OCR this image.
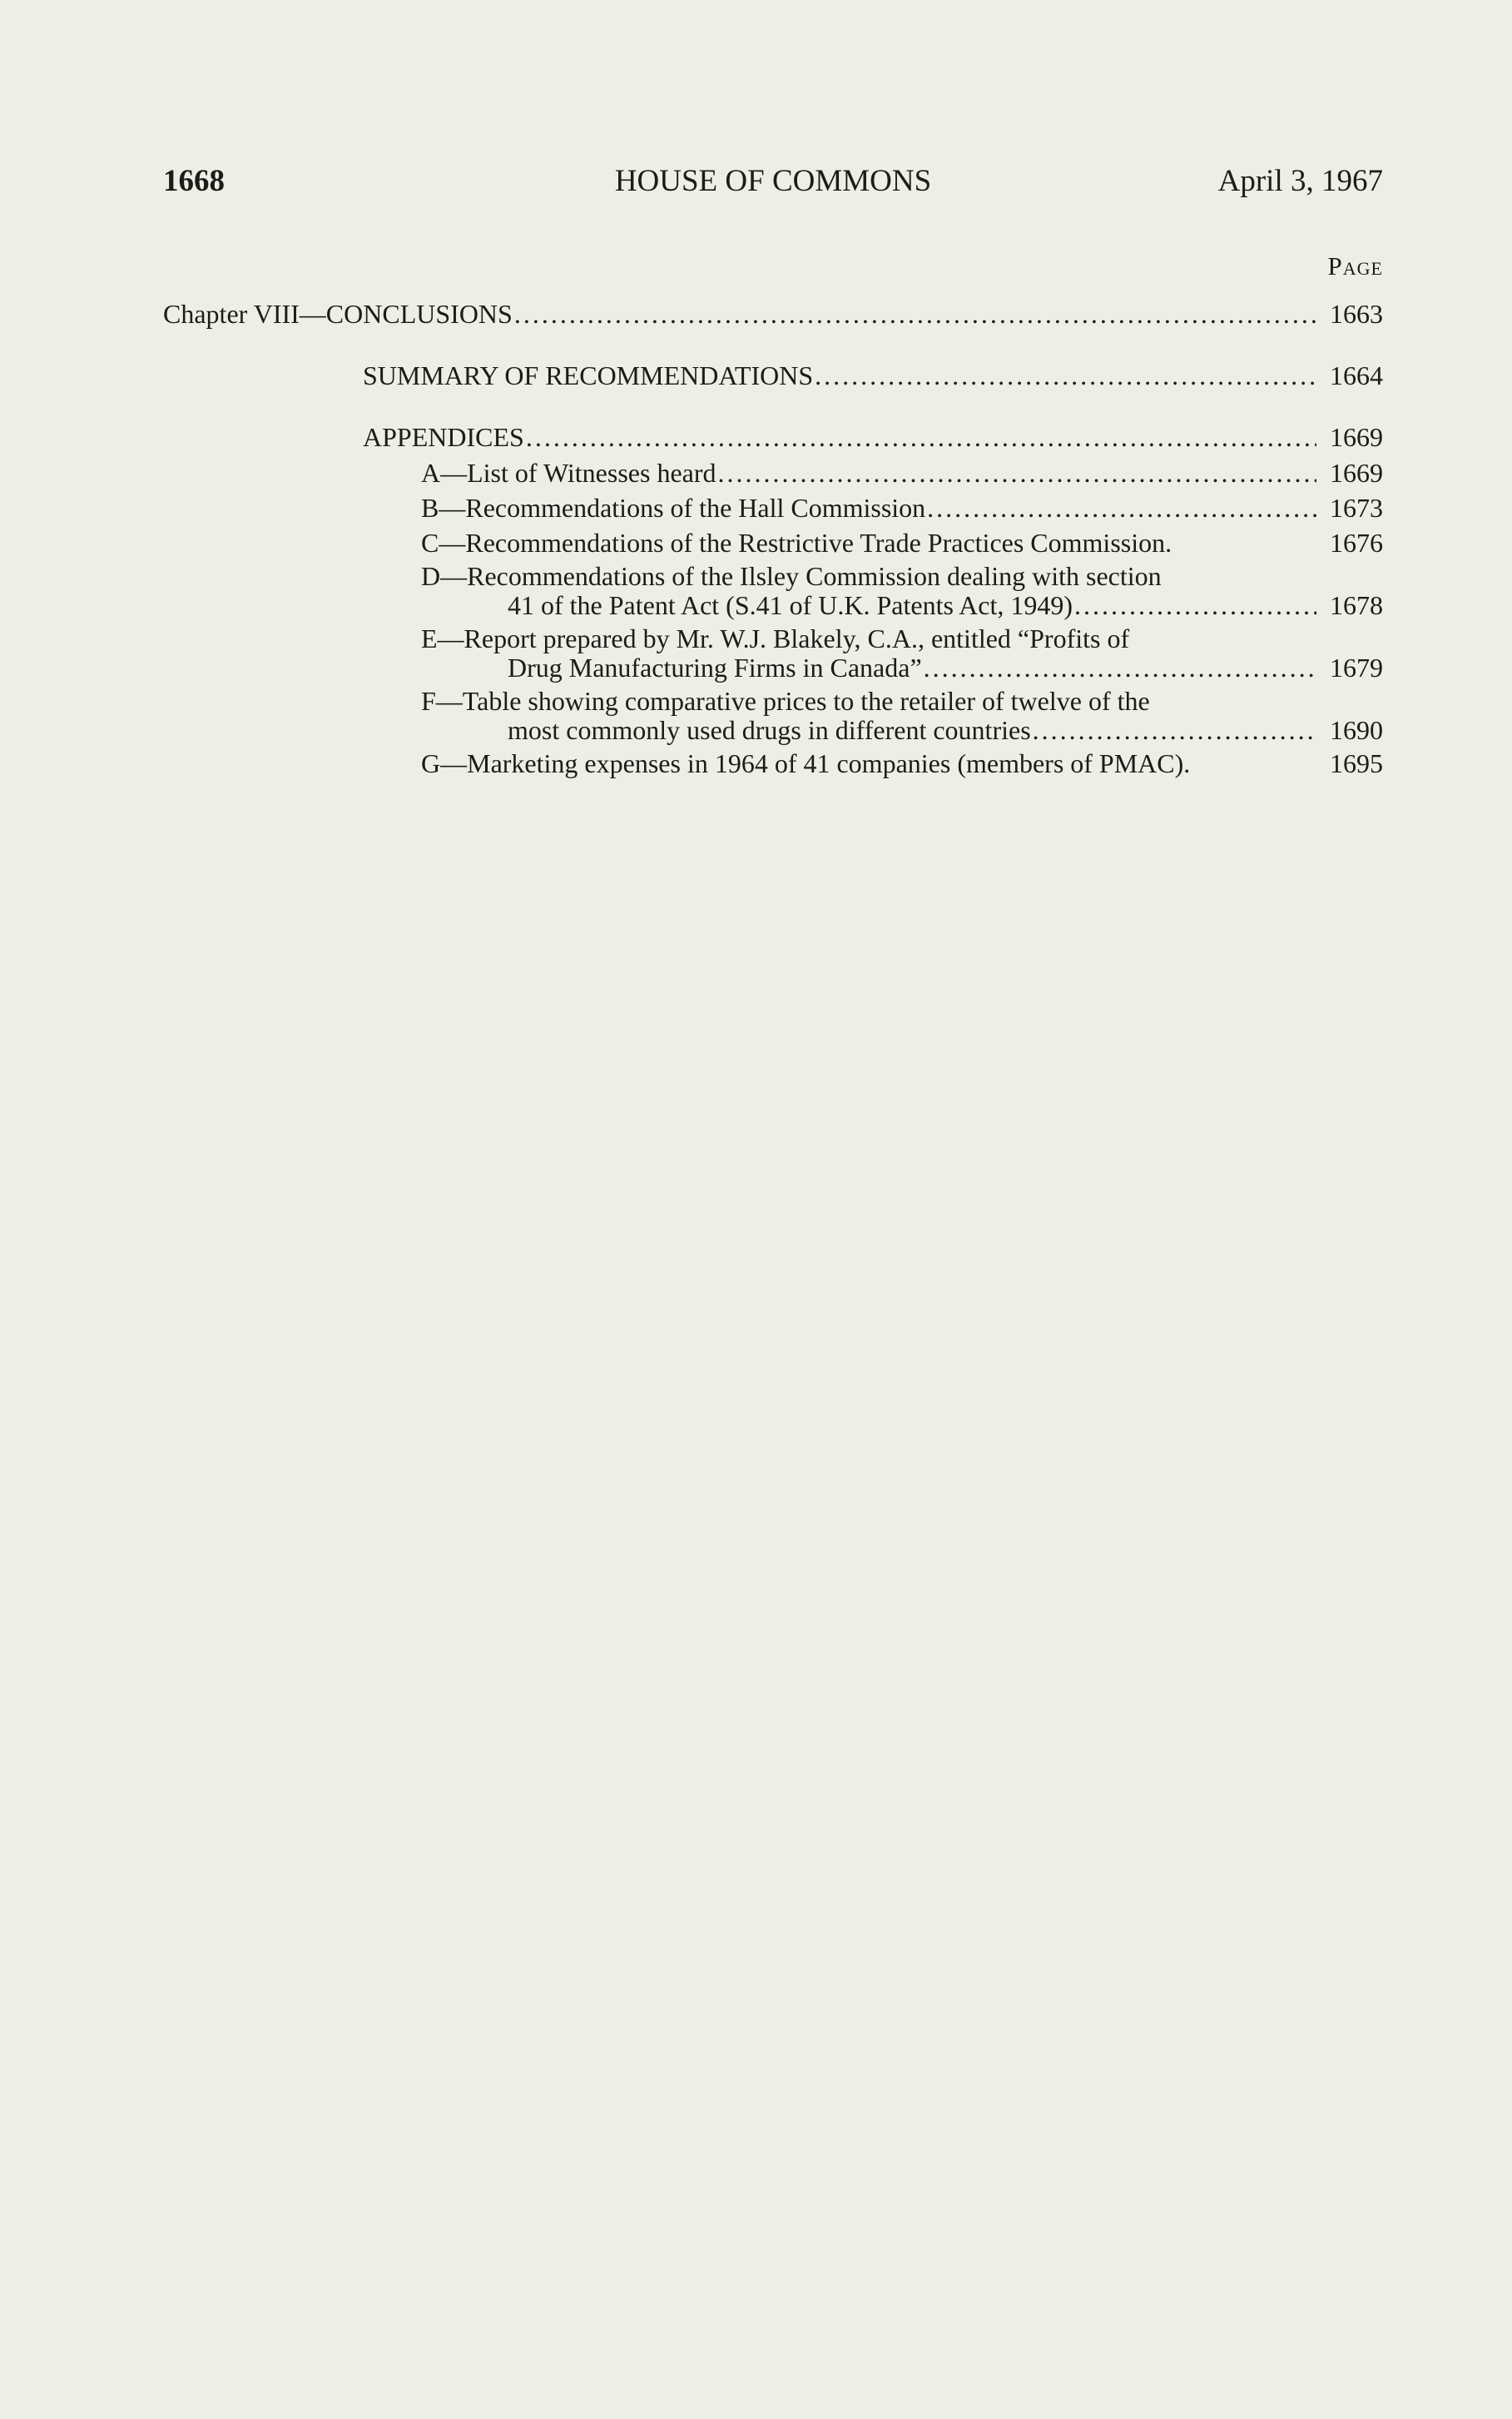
1668	HOUSE OF COMMONS	April 3, 1967
Page
Chapter VIII—CONCLUSIONS .....	1663
SUMMARY OF RECOMMENDATIONS .....	1664
APPENDICES .....	1669
A—List of Witnesses heard .....	1669
B—Recommendations of the Hall Commission .....	1673
C—Recommendations of the Restrictive Trade Practices Commission.	1676
D—Recommendations of the Ilsley Commission dealing with section
41 of the Patent Act (S.41 of U.K. Patents Act, 1949) .....	1678
E—Report prepared by Mr. W.J. Blakely, C.A., entitled “Profits of
Drug Manufacturing Firms in Canada” .....	1679
F—Table showing comparative prices to the retailer of twelve of the
most commonly used drugs in different countries .....	1690
G—Marketing expenses in 1964 of 41 companies (members of PMAC).	1695
